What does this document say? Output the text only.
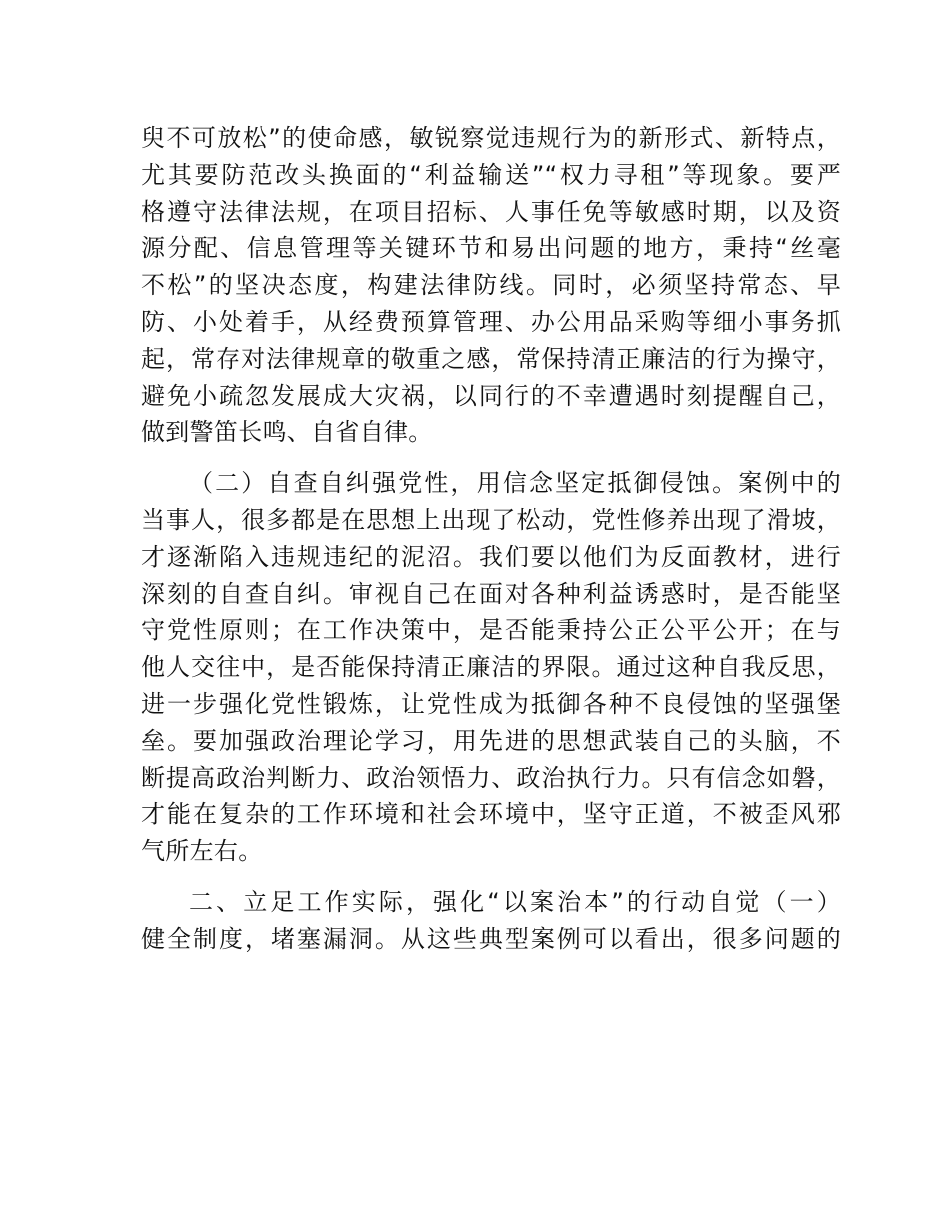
臾不可放松”的使命感，敏锐察觉违规行为的新形式、新特点，
尤其要防范改头换面的“利益输送”“权力寻租”等现象。要严
格遵守法律法规，在项目招标、人事任免等敏感时期，以及资
源分配、信息管理等关键环节和易出问题的地方，秉持“丝毫
不松”的坚决态度，构建法律防线。同时，必须坚持常态、早
防、小处着手，从经费预算管理、办公用品采购等细小事务抓
起，常存对法律规章的敬重之感，常保持清正廉洁的行为操守，
避免小疏忽发展成大灾祸，以同行的不幸遭遇时刻提醒自己，
做到警笛长鸣、自省自律。
（二）自查自纠强党性，用信念坚定抵御侵蚀。案例中的
当事人，很多都是在思想上出现了松动，党性修养出现了滑坡，
才逐渐陷入违规违纪的泥沼。我们要以他们为反面教材，进行
深刻的自查自纠。审视自己在面对各种利益诱惑时，是否能坚
守党性原则；在工作决策中，是否能秉持公正公平公开；在与
他人交往中，是否能保持清正廉洁的界限。通过这种自我反思，
进一步强化党性锻炼，让党性成为抵御各种不良侵蚀的坚强堡
垒。要加强政治理论学习，用先进的思想武装自己的头脑，不
断提高政治判断力、政治领悟力、政治执行力。只有信念如磐，
才能在复杂的工作环境和社会环境中，坚守正道，不被歪风邪
气所左右。
二、立足工作实际，强化“以案治本”的行动自觉（一）
健全制度，堵塞漏洞。从这些典型案例可以看出，很多问题的
